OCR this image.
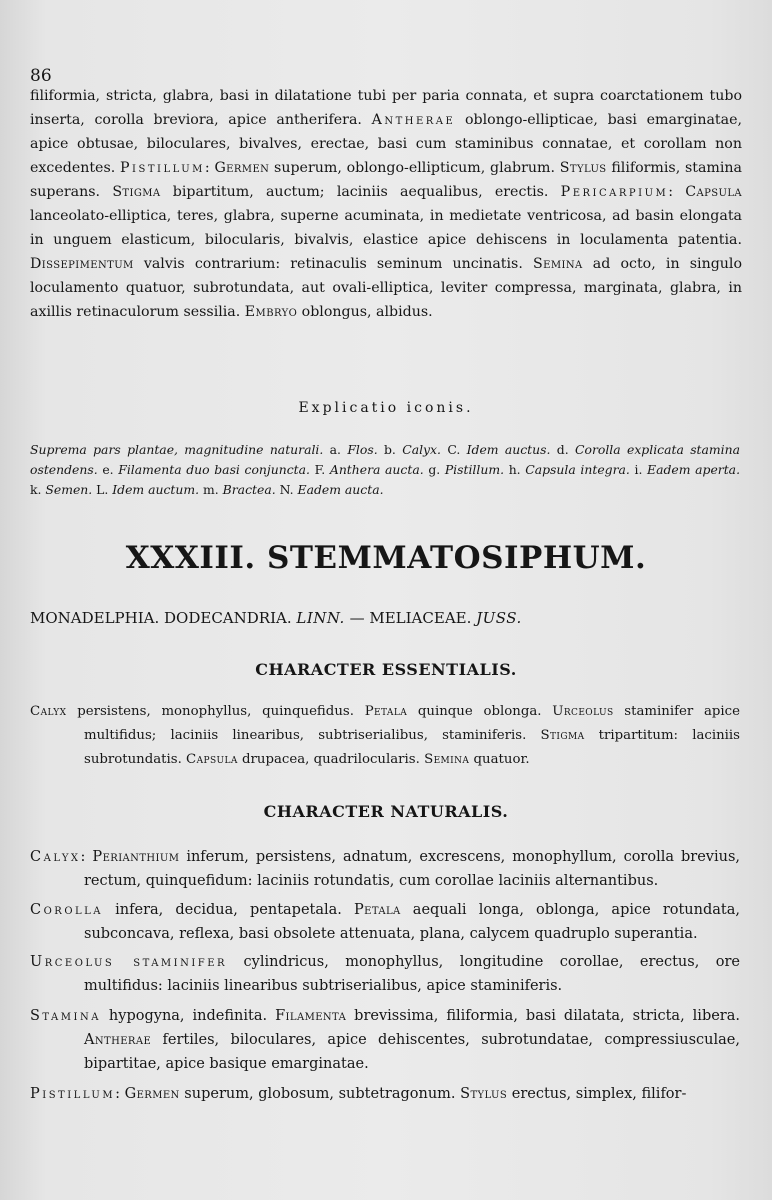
86

filiformia, stricta, glabra, basi in dilatatione tubi per paria connata, et supra coarctationem tubo inserta, corolla breviora, apice antherifera. Antherae oblongo-ellipticae, basi emarginatae, apice obtusae, biloculares, bivalves, erectae, basi cum staminibus connatae, et corollam non excedentes. Pistillum: Germen superum, oblongo-ellipticum, glabrum. Stylus filiformis, stamina superans. Stigma bipartitum, auctum; laciniis aequalibus, erectis. Pericarpium: Capsula lanceolato-elliptica, teres, glabra, superne acuminata, in medietate ventricosa, ad basin elongata in unguem elasticum, bilocularis, bivalvis, elastice apice dehiscens in loculamenta patentia. Dissepimentum valvis contrarium: retinaculis seminum uncinatis. Semina ad octo, in singulo loculamento quatuor, subrotundata, aut ovali-elliptica, leviter compressa, marginata, glabra, in axillis retinaculorum sessilia. Embryo oblongus, albidus.

Explicatio iconis.

Suprema pars plantae, magnitudine naturali. a. Flos. b. Calyx. C. Idem auctus. d. Corolla explicata stamina ostendens. e. Filamenta duo basi conjuncta. F. Anthera aucta. g. Pistillum. h. Capsula integra. i. Eadem aperta. k. Semen. L. Idem auctum. m. Bractea. N. Eadem aucta.

XXXIII. STEMMATOSIPHUM.
MONADELPHIA. DODECANDRIA. LINN. — MELIACEAE. JUSS.
CHARACTER ESSENTIALIS.

Calyx persistens, monophyllus, quinquefidus. Petala quinque oblonga. Urceolus staminifer apice multifidus; laciniis linearibus, subtriserialibus, staminiferis. Stigma tripartitum: laciniis subrotundatis. Capsula drupacea, quadrilocularis. Semina quatuor.

CHARACTER NATURALIS.

Calyx: Perianthium inferum, persistens, adnatum, excrescens, monophyllum, corolla brevius, rectum, quinquefidum: laciniis rotundatis, cum corollae laciniis alternantibus.

Corolla infera, decidua, pentapetala. Petala aequali longa, oblonga, apice rotundata, subconcava, reflexa, basi obsolete attenuata, plana, calycem quadruplo superantia.

Urceolus staminifer cylindricus, monophyllus, longitudine corollae, erectus, ore multifidus: laciniis linearibus subtriserialibus, apice staminiferis.

Stamina hypogyna, indefinita. Filamenta brevissima, filiformia, basi dilatata, stricta, libera. Antherae fertiles, biloculares, apice dehiscentes, subrotundatae, compressiusculae, bipartitae, apice basique emarginatae.

Pistillum: Germen superum, globosum, subtetragonum. Stylus erectus, simplex, filifor-
